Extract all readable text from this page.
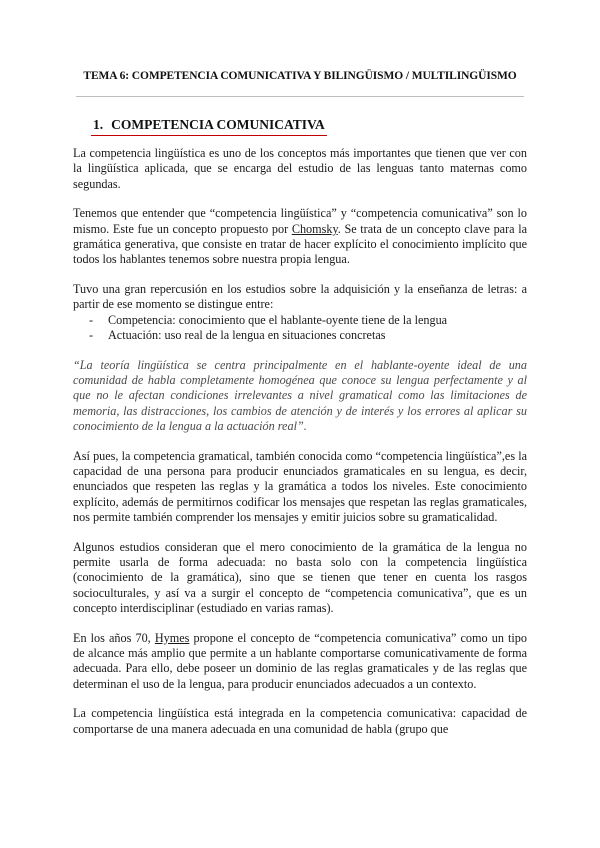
TEMA 6: COMPETENCIA COMUNICATIVA Y BILINGÜISMO / MULTILINGÜISMO
1. COMPETENCIA COMUNICATIVA

La competencia lingüística es uno de los conceptos más importantes que tienen que ver con la lingüística aplicada, que se encarga del estudio de las lenguas tanto maternas como segundas.

Tenemos que entender que “competencia lingüística” y “competencia comunicativa” son lo mismo. Este fue un concepto propuesto por Chomsky. Se trata de un concepto clave para la gramática generativa, que consiste en tratar de hacer explícito el conocimiento implícito que todos los hablantes tenemos sobre nuestra propia lengua.

Tuvo una gran repercusión en los estudios sobre la adquisición y la enseñanza de letras: a partir de ese momento se distingue entre:

-	Competencia: conocimiento que el hablante-oyente tiene de la lengua
-	Actuación: uso real de la lengua en situaciones concretas

“La teoría lingüística se centra principalmente en el hablante-oyente ideal de una comunidad de habla completamente homogénea que conoce su lengua perfectamente y al que no le afectan condiciones irrelevantes a nivel gramatical como las limitaciones de memoria, las distracciones, los cambios de atención y de interés y los errores al aplicar su conocimiento de la lengua a la actuación real”.

Así pues, la competencia gramatical, también conocida como “competencia lingüística”,es la capacidad de una persona para producir enunciados gramaticales en su lengua, es decir, enunciados que respeten las reglas y la gramática a todos los niveles. Este conocimiento explícito, además de permitirnos codificar los mensajes que respetan las reglas gramaticales, nos permite también comprender los mensajes y emitir juicios sobre su gramaticalidad.

Algunos estudios consideran que el mero conocimiento de la gramática de la lengua no permite usarla de forma adecuada: no basta solo con la competencia lingüística (conocimiento de la gramática), sino que se tienen que tener en cuenta los rasgos socioculturales, y así va a surgir el concepto de “competencia comunicativa”, que es un concepto interdisciplinar (estudiado en varias ramas).

En los años 70, Hymes propone el concepto de “competencia comunicativa” como un tipo de alcance más amplio que permite a un hablante comportarse comunicativamente de forma adecuada. Para ello, debe poseer un dominio de las reglas gramaticales y de las reglas que determinan el uso de la lengua, para producir enunciados adecuados a un contexto.

La competencia lingüística está integrada en la competencia comunicativa: capacidad de comportarse de una manera adecuada en una comunidad de habla (grupo que
